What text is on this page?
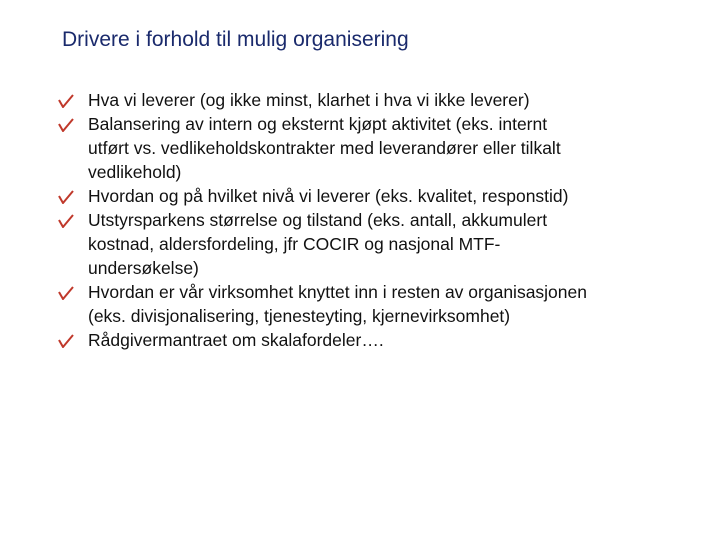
Drivere i forhold til mulig organisering
Hva vi leverer (og ikke minst, klarhet i hva vi ikke leverer)
Balansering av intern og eksternt kjøpt aktivitet (eks. internt
utført vs. vedlikeholdskontrakter med leverandører eller tilkalt
vedlikehold)
Hvordan og på hvilket nivå vi leverer (eks. kvalitet, responstid)
Utstyrsparkens størrelse og tilstand (eks. antall, akkumulert
kostnad, aldersfordeling, jfr COCIR og nasjonal MTF-
undersøkelse)
Hvordan er vår virksomhet knyttet inn i resten av organisasjonen
(eks. divisjonalisering, tjenesteyting, kjernevirksomhet)
Rådgivermantraet om skalafordeler….
